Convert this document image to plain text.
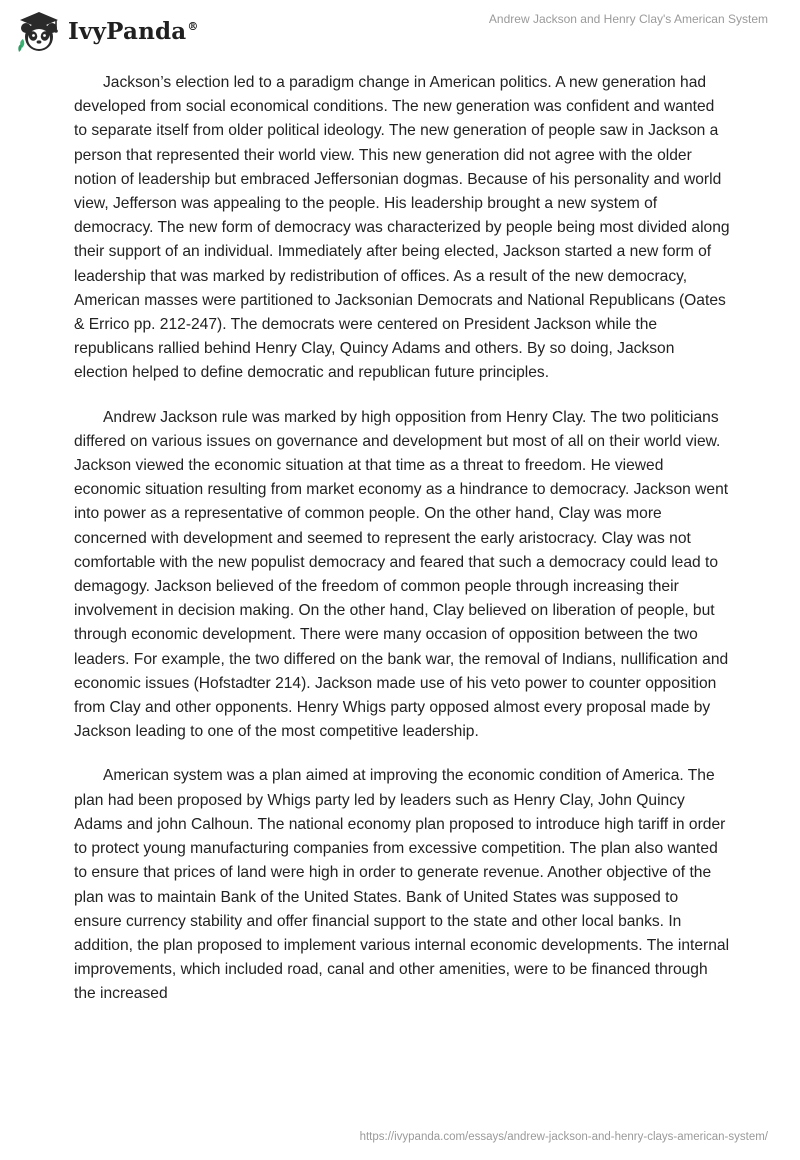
IvyPanda®
Andrew Jackson and Henry Clay's American System

Jackson’s election led to a paradigm change in American politics. A new generation had developed from social economical conditions. The new generation was confident and wanted to separate itself from older political ideology. The new generation of people saw in Jackson a person that represented their world view. This new generation did not agree with the older notion of leadership but embraced Jeffersonian dogmas. Because of his personality and world view, Jefferson was appealing to the people. His leadership brought a new system of democracy. The new form of democracy was characterized by people being most divided along their support of an individual. Immediately after being elected, Jackson started a new form of leadership that was marked by redistribution of offices. As a result of the new democracy, American masses were partitioned to Jacksonian Democrats and National Republicans (Oates & Errico pp. 212-247). The democrats were centered on President Jackson while the republicans rallied behind Henry Clay, Quincy Adams and others. By so doing, Jackson election helped to define democratic and republican future principles.

Andrew Jackson rule was marked by high opposition from Henry Clay. The two politicians differed on various issues on governance and development but most of all on their world view. Jackson viewed the economic situation at that time as a threat to freedom. He viewed economic situation resulting from market economy as a hindrance to democracy. Jackson went into power as a representative of common people. On the other hand, Clay was more concerned with development and seemed to represent the early aristocracy. Clay was not comfortable with the new populist democracy and feared that such a democracy could lead to demagogy. Jackson believed of the freedom of common people through increasing their involvement in decision making. On the other hand, Clay believed on liberation of people, but through economic development. There were many occasion of opposition between the two leaders. For example, the two differed on the bank war, the removal of Indians, nullification and economic issues (Hofstadter 214). Jackson made use of his veto power to counter opposition from Clay and other opponents. Henry Whigs party opposed almost every proposal made by Jackson leading to one of the most competitive leadership.

American system was a plan aimed at improving the economic condition of America. The plan had been proposed by Whigs party led by leaders such as Henry Clay, John Quincy Adams and john Calhoun. The national economy plan proposed to introduce high tariff in order to protect young manufacturing companies from excessive competition. The plan also wanted to ensure that prices of land were high in order to generate revenue. Another objective of the plan was to maintain Bank of the United States. Bank of United States was supposed to ensure currency stability and offer financial support to the state and other local banks. In addition, the plan proposed to implement various internal economic developments. The internal improvements, which included road, canal and other amenities, were to be financed through the increased

https://ivypanda.com/essays/andrew-jackson-and-henry-clays-american-system/
